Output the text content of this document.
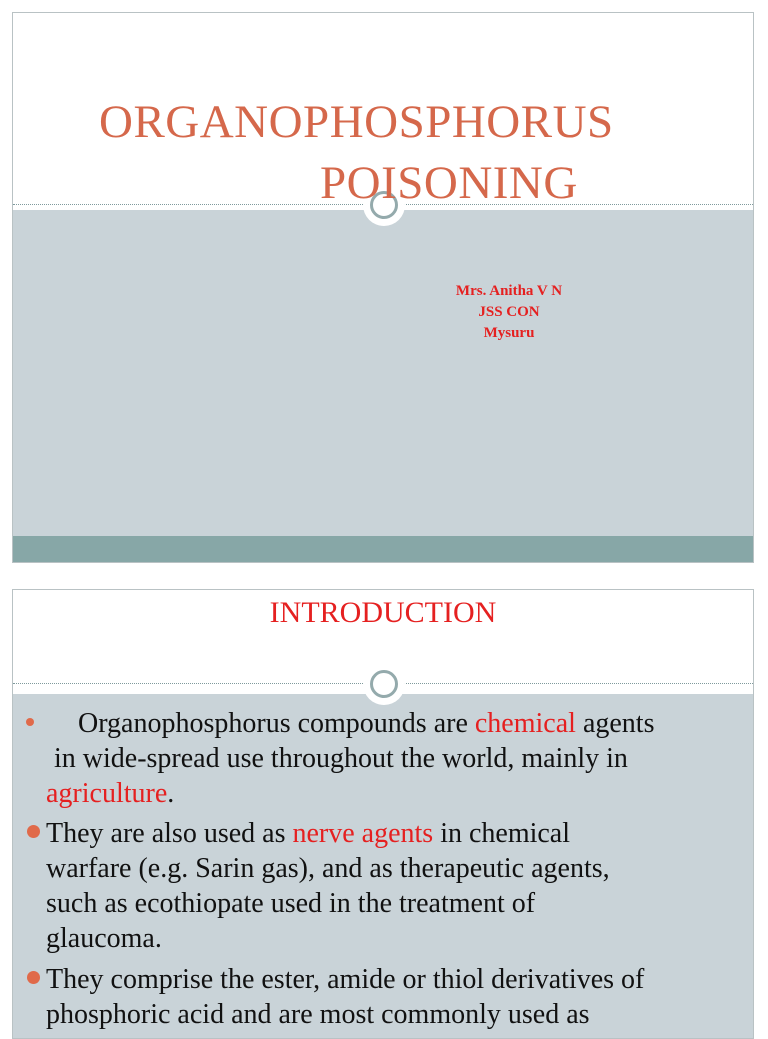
ORGANOPHOSPHORUS
POISONING
Mrs. Anitha V N
JSS CON
Mysuru
INTRODUCTION
Organophosphorus compounds are chemical agents
in wide-spread use throughout the world, mainly in
agriculture.
They are also used as nerve agents in chemical
warfare (e.g. Sarin gas), and as therapeutic agents,
such as ecothiopate used in the treatment of
glaucoma.
They comprise the ester, amide or thiol derivatives of
phosphoric acid and are most commonly used as
